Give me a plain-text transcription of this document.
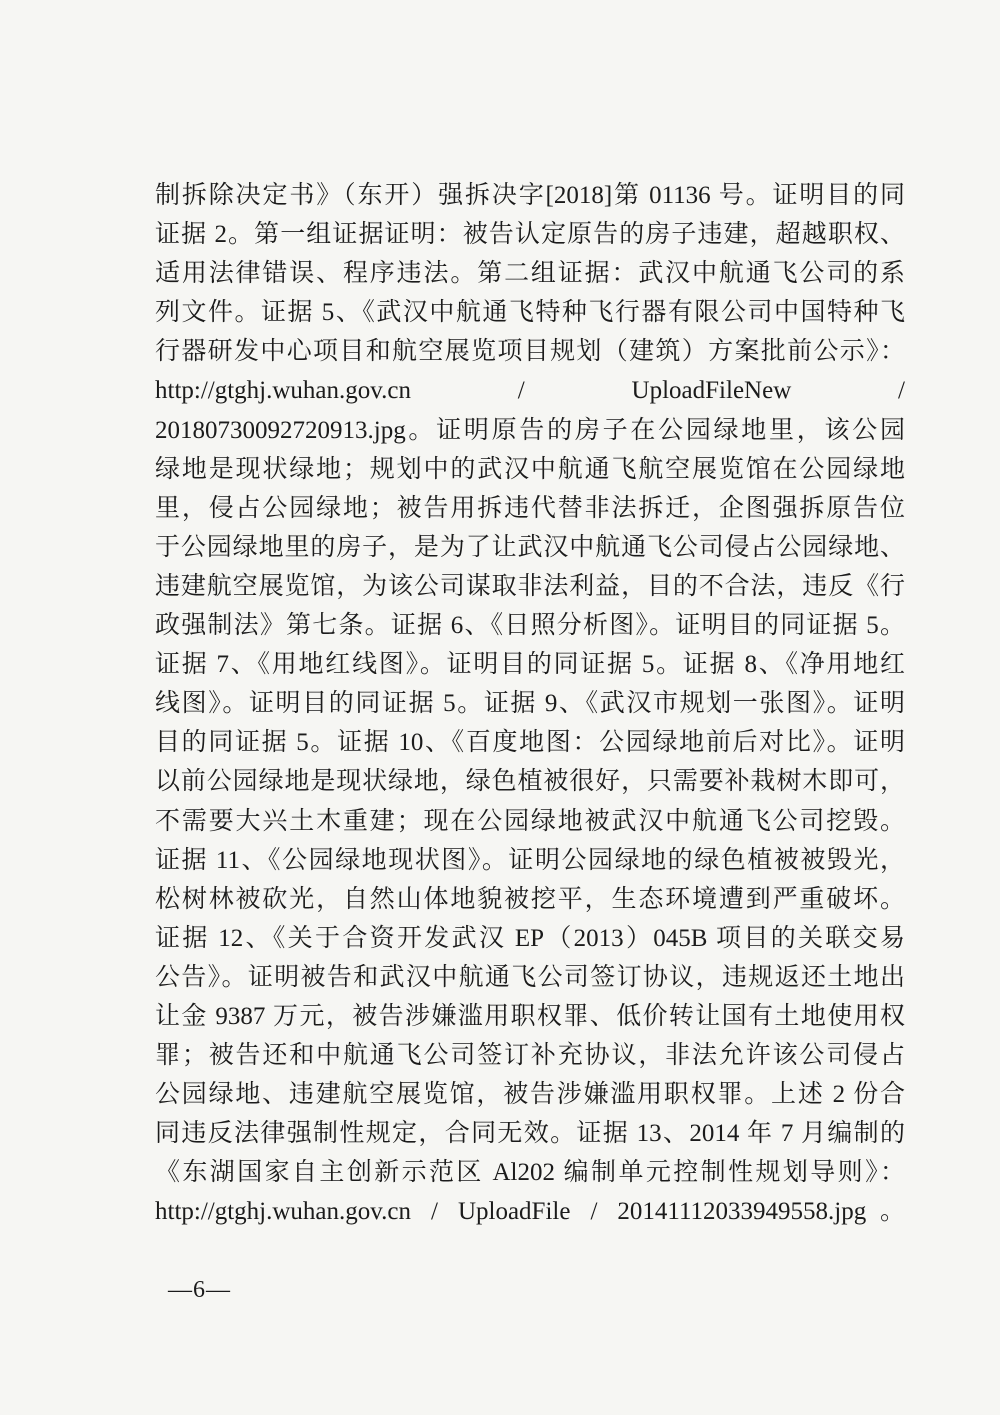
制拆除决定书》（东开）强拆决字[2018]第 01136 号。证明目的同
证据 2。第一组证据证明：被告认定原告的房子违建，超越职权、
适用法律错误、程序违法。第二组证据：武汉中航通飞公司的系
列文件。证据 5、《武汉中航通飞特种飞行器有限公司中国特种飞
行器研发中心项目和航空展览项目规划（建筑）方案批前公示》：
http://gtghj.wuhan.gov.cn / UploadFileNew /
20180730092720913.jpg。证明原告的房子在公园绿地里，该公园
绿地是现状绿地；规划中的武汉中航通飞航空展览馆在公园绿地
里，侵占公园绿地；被告用拆违代替非法拆迁，企图强拆原告位
于公园绿地里的房子，是为了让武汉中航通飞公司侵占公园绿地、
违建航空展览馆，为该公司谋取非法利益，目的不合法，违反《行
政强制法》第七条。证据 6、《日照分析图》。证明目的同证据 5。
证据 7、《用地红线图》。证明目的同证据 5。证据 8、《净用地红
线图》。证明目的同证据 5。证据 9、《武汉市规划一张图》。证明
目的同证据 5。证据 10、《百度地图：公园绿地前后对比》。证明
以前公园绿地是现状绿地，绿色植被很好，只需要补栽树木即可，
不需要大兴土木重建；现在公园绿地被武汉中航通飞公司挖毁。
证据 11、《公园绿地现状图》。证明公园绿地的绿色植被被毁光，
松树林被砍光，自然山体地貌被挖平，生态环境遭到严重破坏。
证据 12、《关于合资开发武汉 EP（2013）045B 项目的关联交易
公告》。证明被告和武汉中航通飞公司签订协议，违规返还土地出
让金 9387 万元，被告涉嫌滥用职权罪、低价转让国有土地使用权
罪；被告还和中航通飞公司签订补充协议，非法允许该公司侵占
公园绿地、违建航空展览馆，被告涉嫌滥用职权罪。上述 2 份合
同违反法律强制性规定，合同无效。证据 13、2014 年 7 月编制的
《东湖国家自主创新示范区 Al202 编制单元控制性规划导则》：
http://gtghj.wuhan.gov.cn / UploadFile / 20141112033949558.jpg。
—6—
